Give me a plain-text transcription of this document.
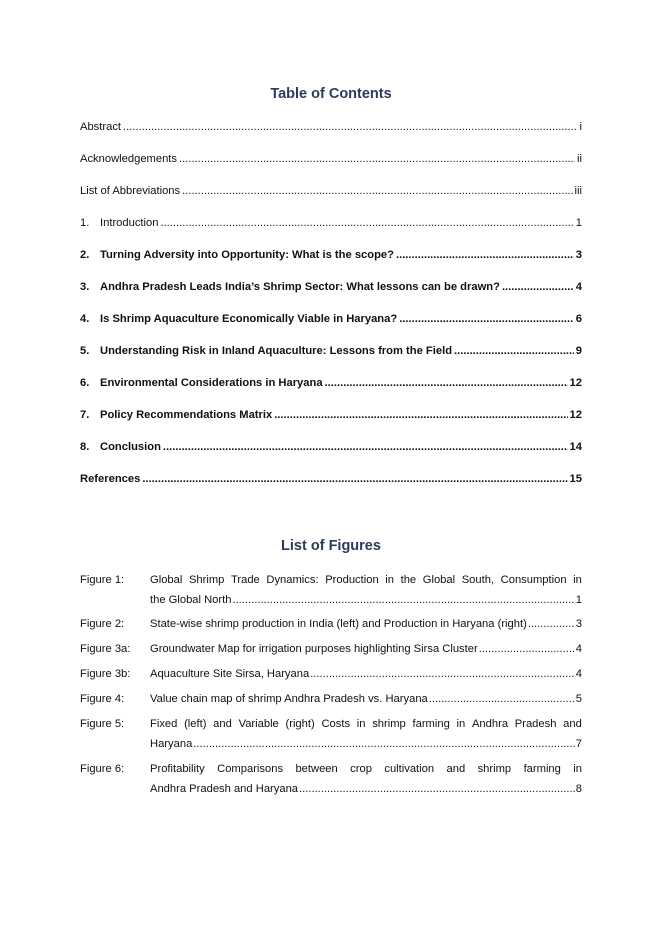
Table of Contents
Abstract .....	i
Acknowledgements .....	ii
List of Abbreviations .....	iii
1. Introduction .....	1
2. Turning Adversity into Opportunity: What is the scope? .....	3
3. Andhra Pradesh Leads India’s Shrimp Sector: What lessons can be drawn? .....	4
4. Is Shrimp Aquaculture Economically Viable in Haryana? .....	6
5. Understanding Risk in Inland Aquaculture: Lessons from the Field .....	9
6. Environmental Considerations in Haryana .....	12
7. Policy Recommendations Matrix .....	12
8. Conclusion .....	14
References .....	15
List of Figures
Figure 1:	Global Shrimp Trade Dynamics: Production in the Global South, Consumption in
the Global North .....	1
Figure 2:	State-wise shrimp production in India (left) and Production in Haryana (right) .....	3
Figure 3a:	Groundwater Map for irrigation purposes highlighting Sirsa Cluster .....	4
Figure 3b:	Aquaculture Site Sirsa, Haryana .....	4
Figure 4:	Value chain map of shrimp Andhra Pradesh vs. Haryana .....	5
Figure 5:	Fixed (left) and Variable (right) Costs in shrimp farming in Andhra Pradesh and
Haryana .....	7
Figure 6:	Profitability Comparisons between crop cultivation and shrimp farming in
Andhra Pradesh and Haryana .....	8
